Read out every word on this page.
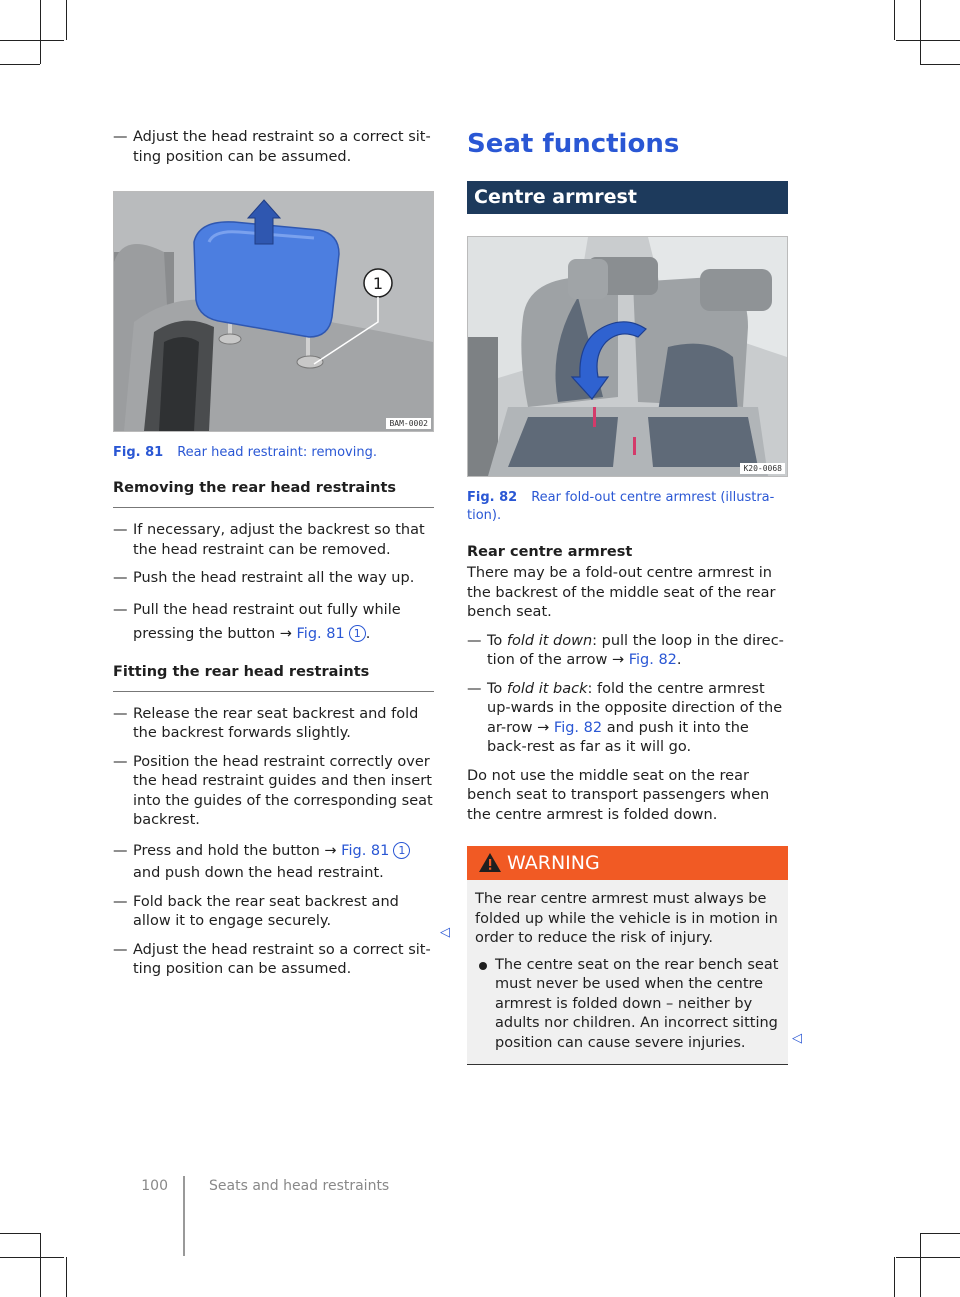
— Adjust the head restraint so a correct sit-ting position can be assumed.
1
BAM-0002
Fig. 81 Rear head restraint: removing.
Removing the rear head restraints
— If necessary, adjust the backrest so that the head restraint can be removed.
— Push the head restraint all the way up.
— Pull the head restraint out fully while pressing the button → Fig. 81 1 .
Fitting the rear head restraints
— Release the rear seat backrest and fold the backrest forwards slightly.
— Position the head restraint correctly over the head restraint guides and then insert into the guides of the corresponding seat backrest.
— Press and hold the button → Fig. 81 1 and push down the head restraint.
— Fold back the rear seat backrest and allow it to engage securely.
— Adjust the head restraint so a correct sit-ting position can be assumed.
◁
Seat functions
Centre armrest
K20-0068
Fig. 82 Rear fold-out centre armrest (illustra-tion).
Rear centre armrest

There may be a fold-out centre armrest in the backrest of the middle seat of the rear bench seat.

— To fold it down: pull the loop in the direc-tion of the arrow → Fig. 82.
— To fold it back: fold the centre armrest up-wards in the opposite direction of the ar-row → Fig. 82 and push it into the back-rest as far as it will go.

Do not use the middle seat on the rear bench seat to transport passengers when the centre armrest is folded down.

WARNING

The rear centre armrest must always be folded up while the vehicle is in motion in order to reduce the risk of injury.

The centre seat on the rear bench seat must never be used when the centre armrest is folded down – neither by adults nor children. An incorrect sitting position can cause severe injuries.	◁
100	Seats and head restraints
